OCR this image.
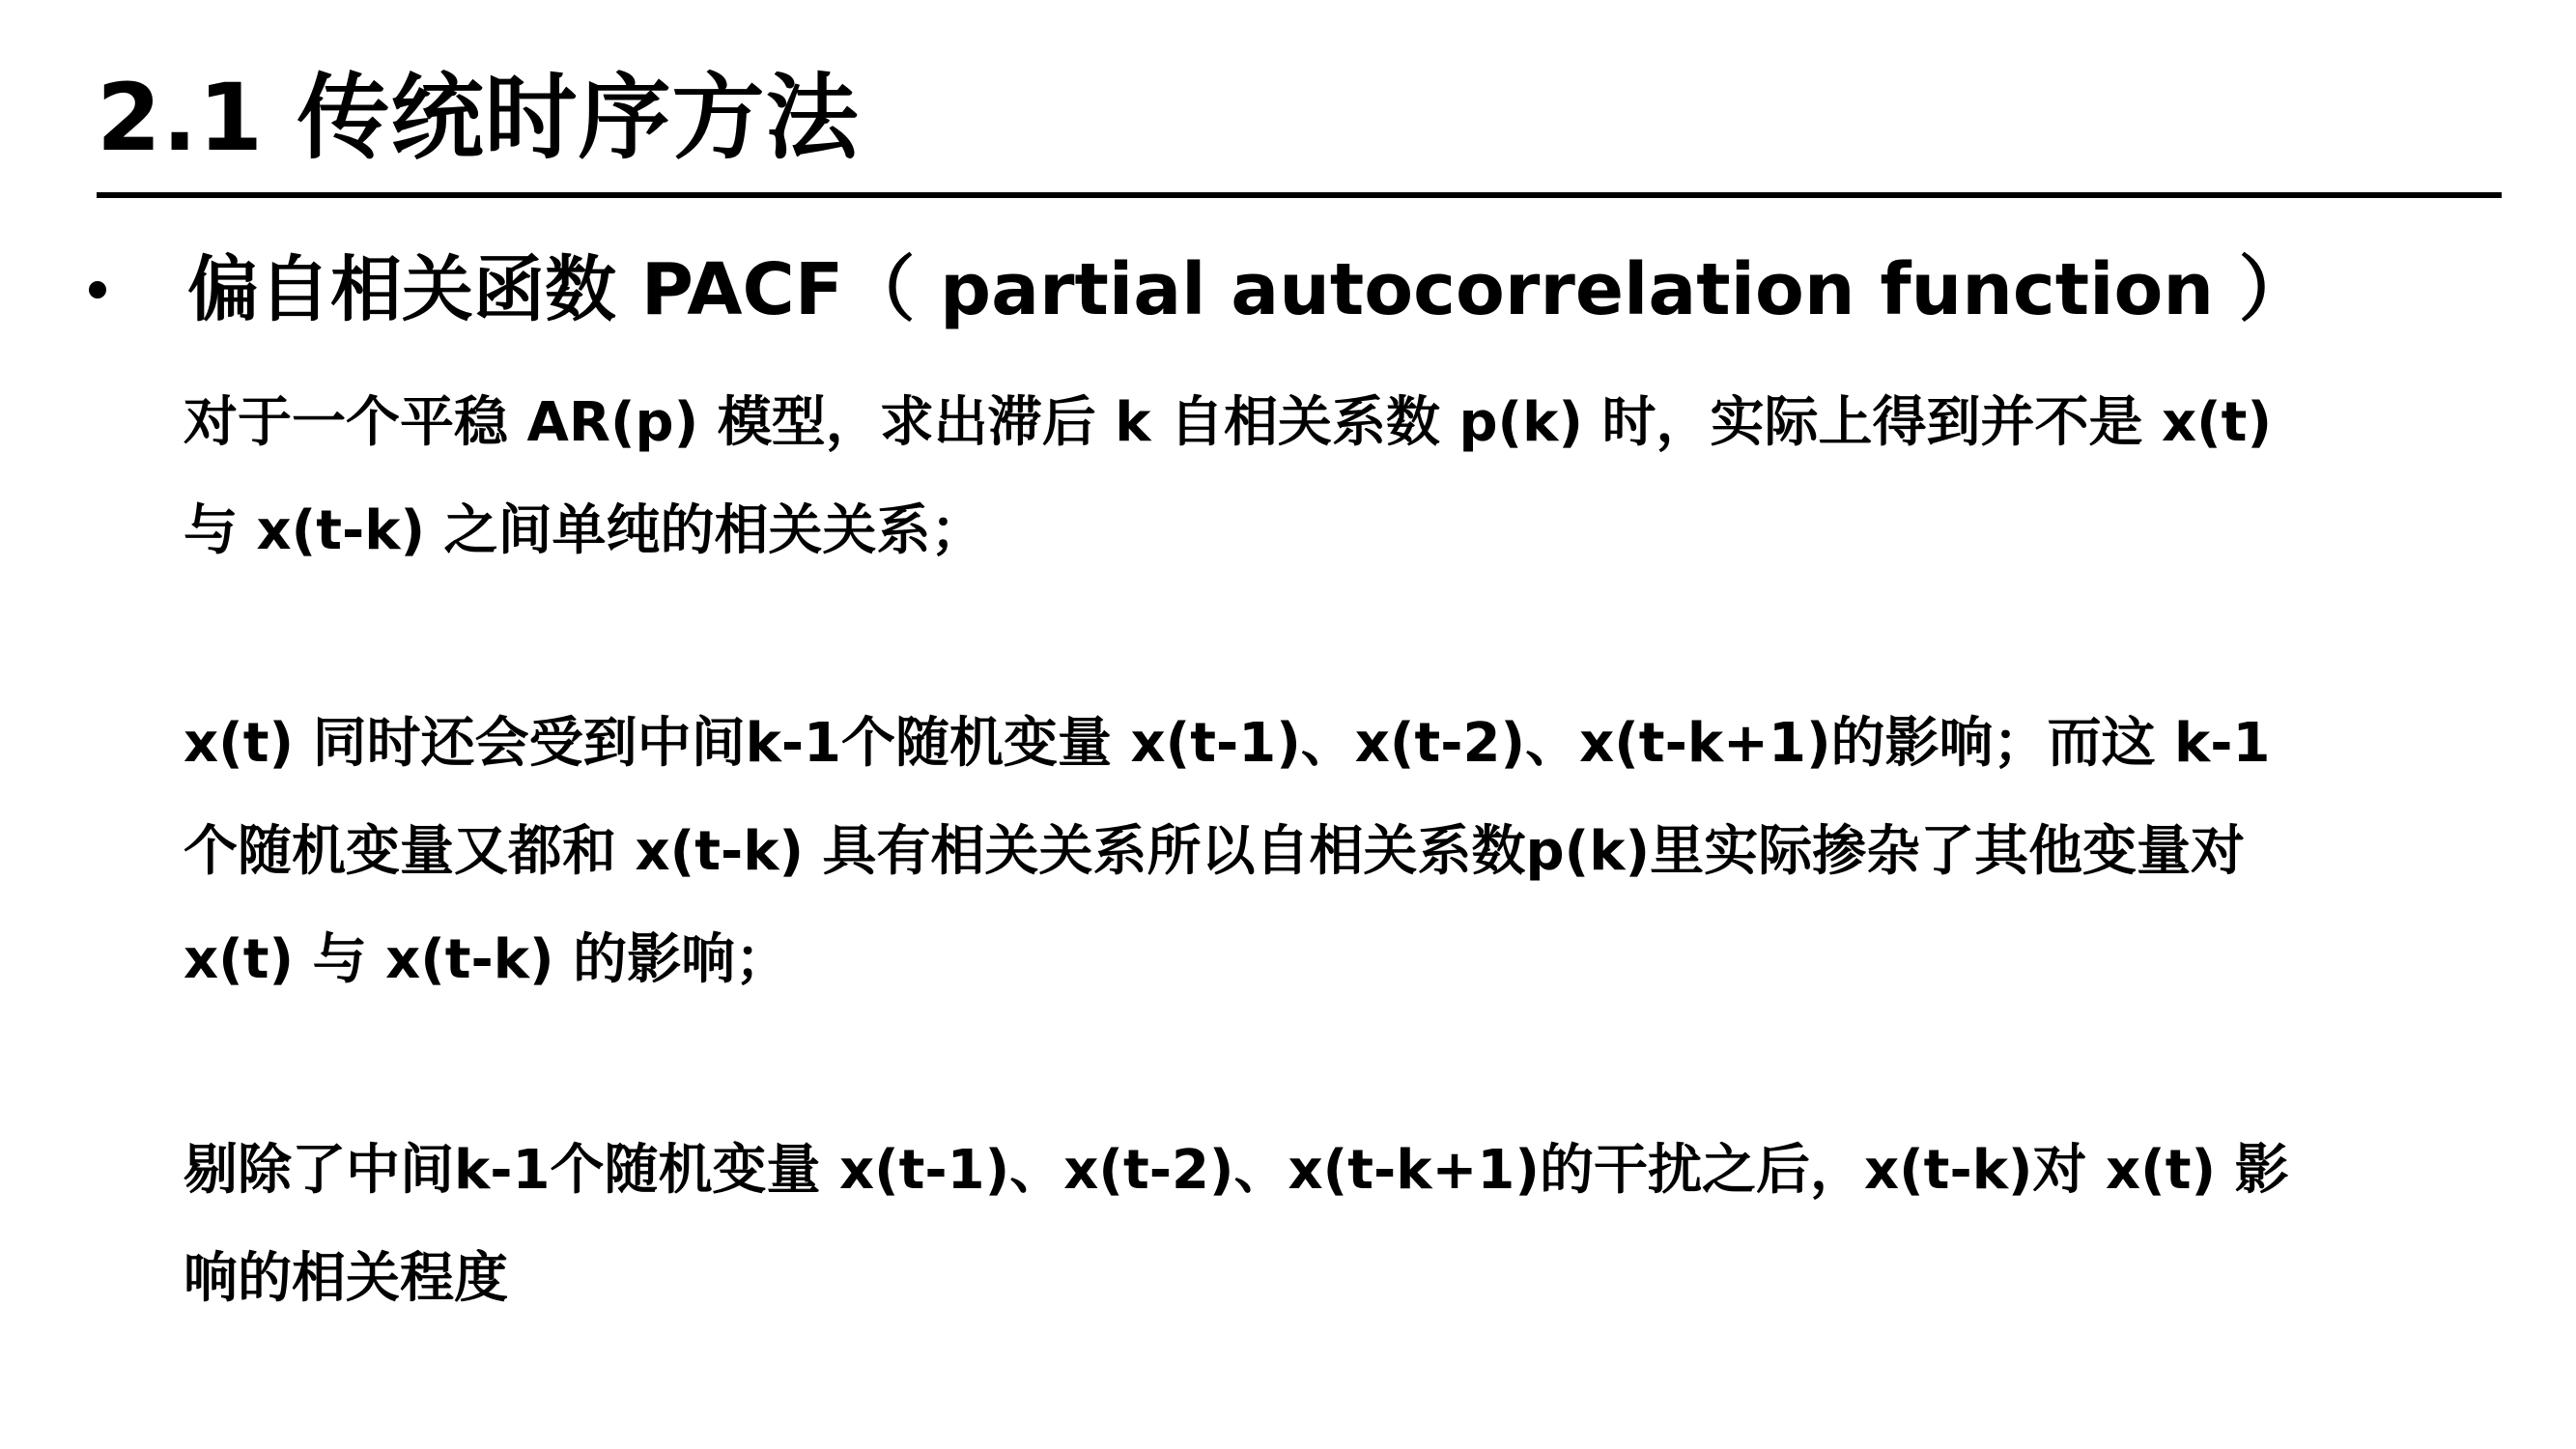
2.1 传统时序方法
偏自相关函数 PACF（ partial autocorrelation function ）

对于一个平稳 AR(p) 模型，求出滞后 k 自相关系数 p(k) 时，实际上得到并不是 x(t) 与 x(t-k) 之间单纯的相关关系；

x(t) 同时还会受到中间k-1个随机变量 x(t-1)、x(t-2)、x(t-k+1)的影响；而这 k-1 个随机变量又都和 x(t-k) 具有相关关系所以自相关系数p(k)里实际掺杂了其他变量对 x(t) 与 x(t-k) 的影响；

剔除了中间k-1个随机变量 x(t-1)、x(t-2)、x(t-k+1)的干扰之后，x(t-k)对 x(t) 影响的相关程度
